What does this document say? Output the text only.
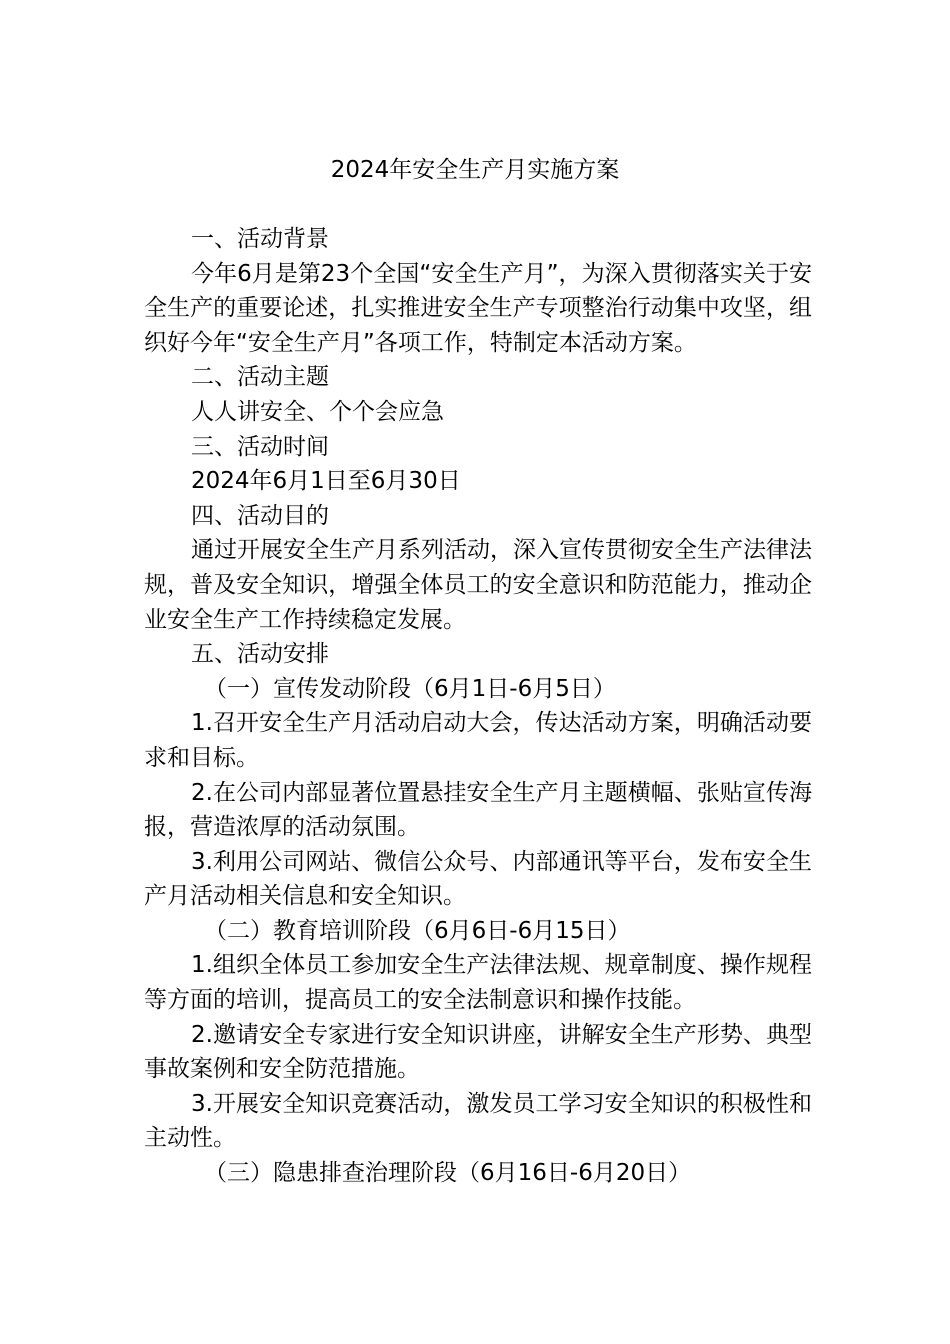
2024年安全生产月实施方案

一、活动背景

今年6月是第23个全国“安全生产月”，为深入贯彻落实关于安全生产的重要论述，扎实推进安全生产专项整治行动集中攻坚，组织好今年“安全生产月”各项工作，特制定本活动方案。

二、活动主题

人人讲安全、个个会应急

三、活动时间

2024年6月1日至6月30日

四、活动目的

通过开展安全生产月系列活动，深入宣传贯彻安全生产法律法规，普及安全知识，增强全体员工的安全意识和防范能力，推动企业安全生产工作持续稳定发展。

五、活动安排

（一）宣传发动阶段（6月1日-6月5日）

1.召开安全生产月活动启动大会，传达活动方案，明确活动要求和目标。

2.在公司内部显著位置悬挂安全生产月主题横幅、张贴宣传海报，营造浓厚的活动氛围。

3.利用公司网站、微信公众号、内部通讯等平台，发布安全生产月活动相关信息和安全知识。

（二）教育培训阶段（6月6日-6月15日）

1.组织全体员工参加安全生产法律法规、规章制度、操作规程等方面的培训，提高员工的安全法制意识和操作技能。

2.邀请安全专家进行安全知识讲座，讲解安全生产形势、典型事故案例和安全防范措施。

3.开展安全知识竞赛活动，激发员工学习安全知识的积极性和主动性。

（三）隐患排查治理阶段（6月16日-6月20日）
